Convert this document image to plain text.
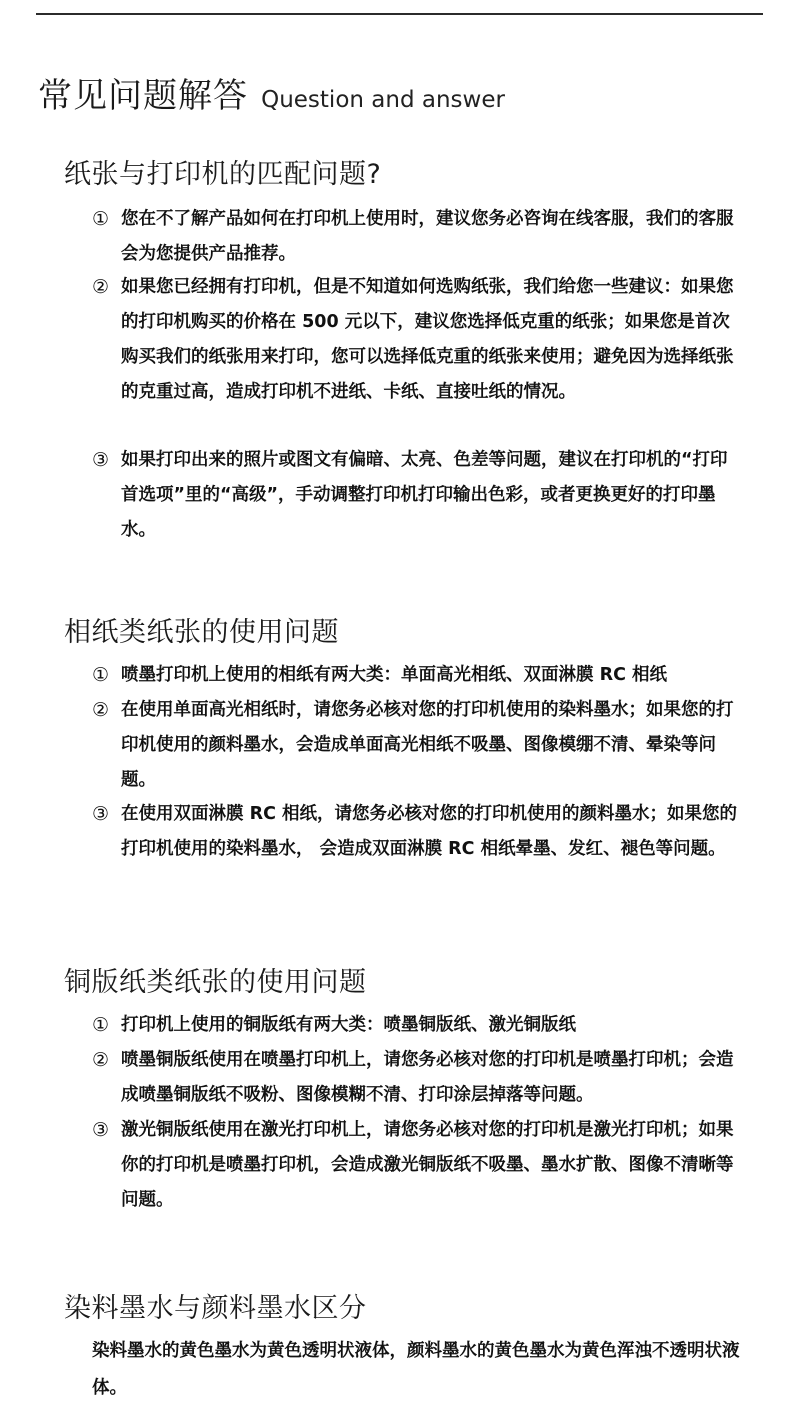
常见问题解答 Question and answer
纸张与打印机的匹配问题?
① 您在不了解产品如何在打印机上使用时，建议您务必咨询在线客服，我们的客服会为您提供产品推荐。
② 如果您已经拥有打印机，但是不知道如何选购纸张，我们给您一些建议：如果您的打印机购买的价格在 500 元以下，建议您选择低克重的纸张；如果您是首次购买我们的纸张用来打印，您可以选择低克重的纸张来使用；避免因为选择纸张的克重过高，造成打印机不进纸、卡纸、直接吐纸的情况。
③ 如果打印出来的照片或图文有偏暗、太亮、色差等问题，建议在打印机的“打印首选项”里的“高级”，手动调整打印机打印输出色彩，或者更换更好的打印墨水。
相纸类纸张的使用问题
① 喷墨打印机上使用的相纸有两大类：单面高光相纸、双面淋膜 RC 相纸
② 在使用单面高光相纸时，请您务必核对您的打印机使用的染料墨水；如果您的打印机使用的颜料墨水，会造成单面高光相纸不吸墨、图像模绷不清、晕染等问题。
③ 在使用双面淋膜 RC 相纸，请您务必核对您的打印机使用的颜料墨水；如果您的打印机使用的染料墨水， 会造成双面淋膜 RC 相纸晕墨、发红、褪色等问题。
铜版纸类纸张的使用问题
① 打印机上使用的铜版纸有两大类：喷墨铜版纸、激光铜版纸
② 喷墨铜版纸使用在喷墨打印机上，请您务必核对您的打印机是喷墨打印机；会造成喷墨铜版纸不吸粉、图像模糊不清、打印涂层掉落等问题。
③ 激光铜版纸使用在激光打印机上，请您务必核对您的打印机是激光打印机；如果你的打印机是喷墨打印机，会造成激光铜版纸不吸墨、墨水扩散、图像不清晰等问题。
染料墨水与颜料墨水区分
染料墨水的黄色墨水为黄色透明状液体，颜料墨水的黄色墨水为黄色浑浊不透明状液体。
